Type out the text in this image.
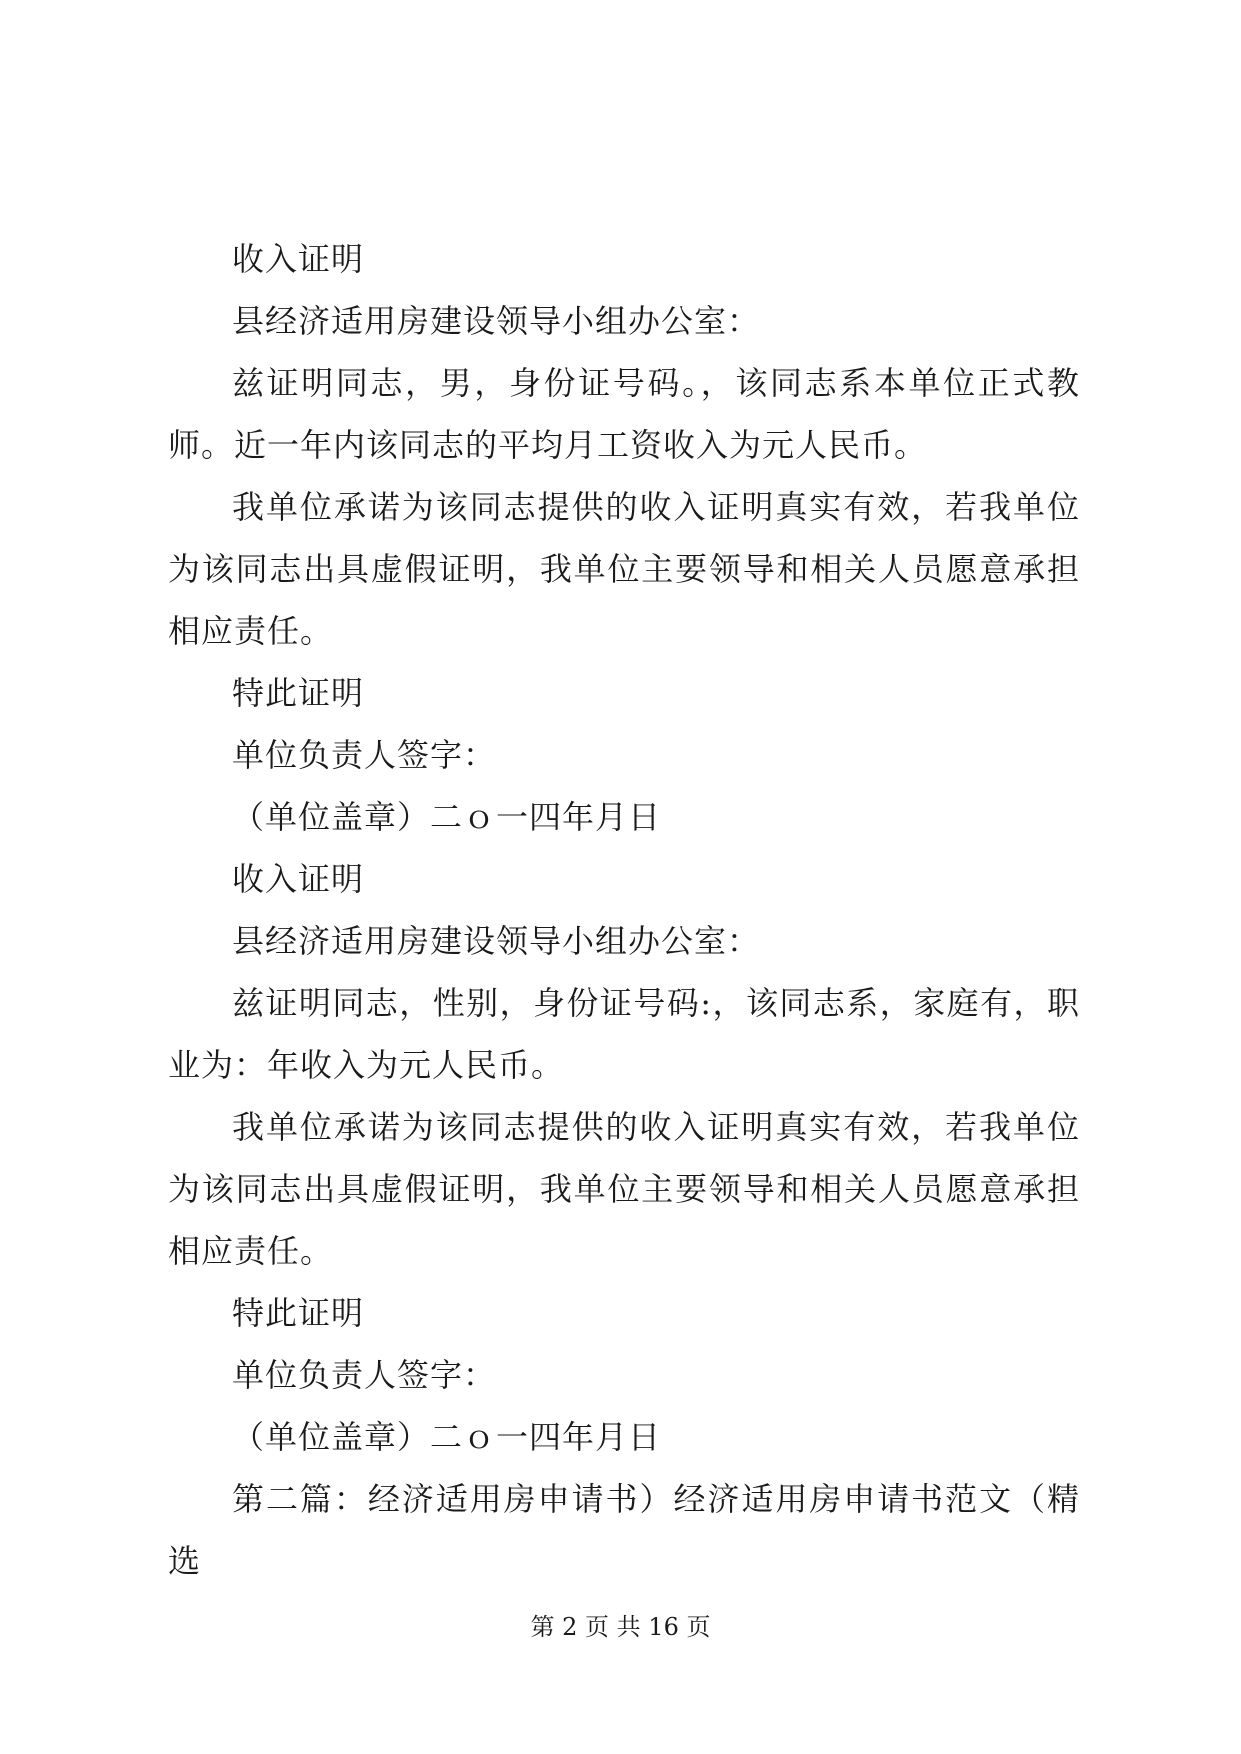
收入证明

县经济适用房建设领导小组办公室：

兹证明同志，男，身份证号码。，该同志系本单位正式教师。近一年内该同志的平均月工资收入为元人民币。

我单位承诺为该同志提供的收入证明真实有效，若我单位为该同志出具虚假证明，我单位主要领导和相关人员愿意承担相应责任。

特此证明

单位负责人签字：

（单位盖章）二ｏ一四年月日

收入证明

县经济适用房建设领导小组办公室：

兹证明同志，性别，身份证号码:，该同志系，家庭有，职业为：年收入为元人民币。

我单位承诺为该同志提供的收入证明真实有效，若我单位为该同志出具虚假证明，我单位主要领导和相关人员愿意承担相应责任。

特此证明

单位负责人签字：

（单位盖章）二ｏ一四年月日

第二篇：经济适用房申请书）经济适用房申请书范文（精选

第 2 页 共 16 页
